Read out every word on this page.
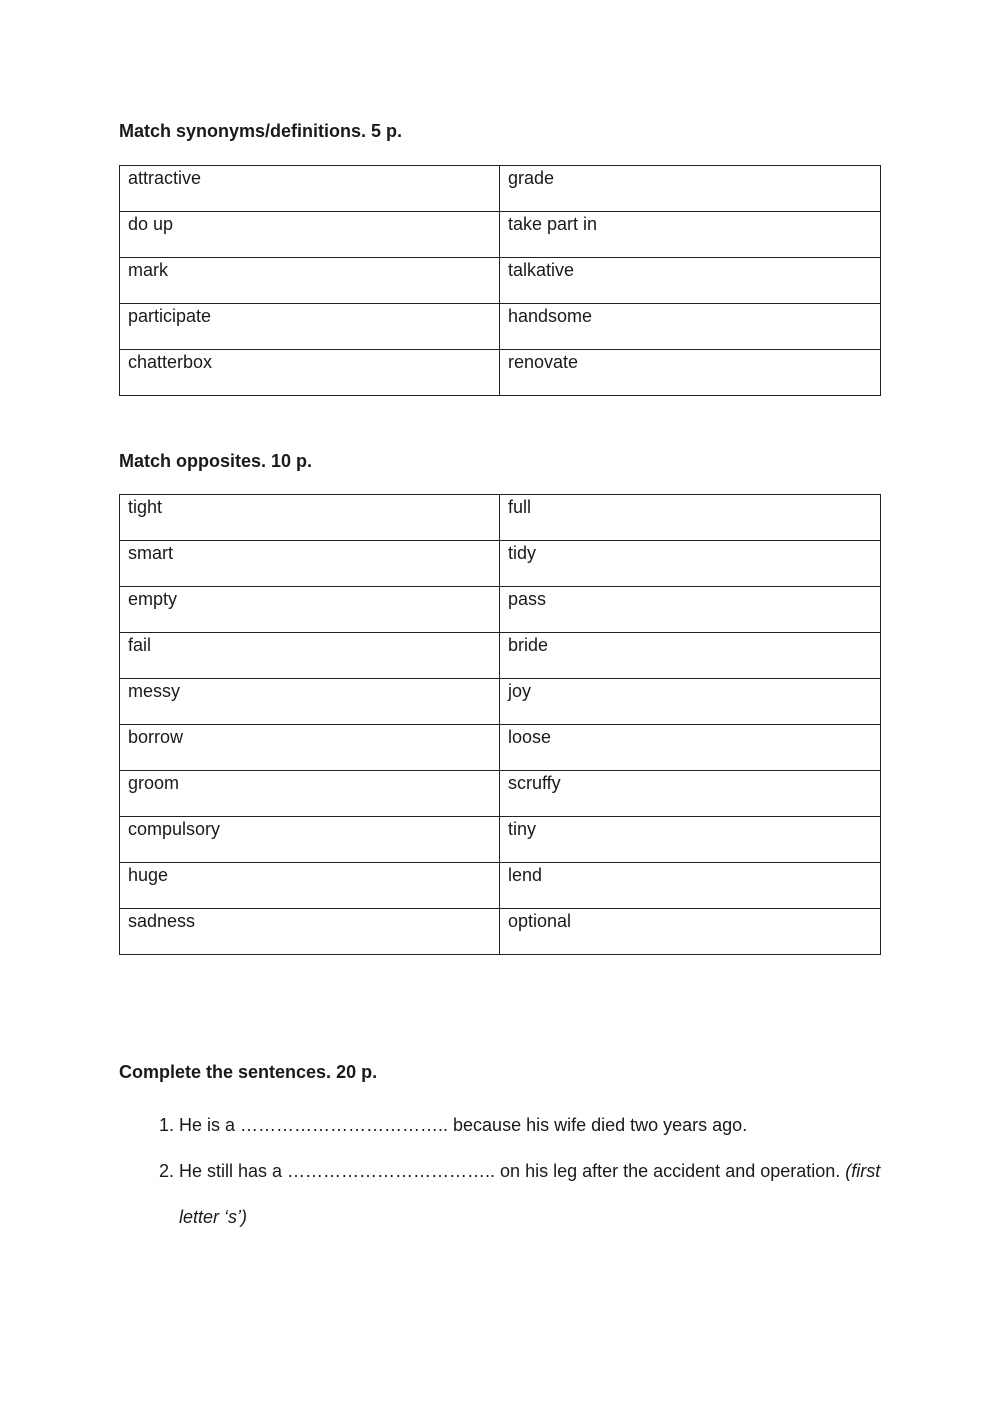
Match synonyms/definitions. 5 p.
attractive	grade
do up	take part in
mark	talkative
participate	handsome
chatterbox	renovate
Match opposites. 10 p.
tight	full
smart	tidy
empty	pass
fail	bride
messy	joy
borrow	loose
groom	scruffy
compulsory	tiny
huge	lend
sadness	optional
Complete the sentences. 20 p.
1. He is a …………………………….. because his wife died two years ago.
2. He still has a …………………………….. on his leg after the accident and operation. (first letter ‘s’)
